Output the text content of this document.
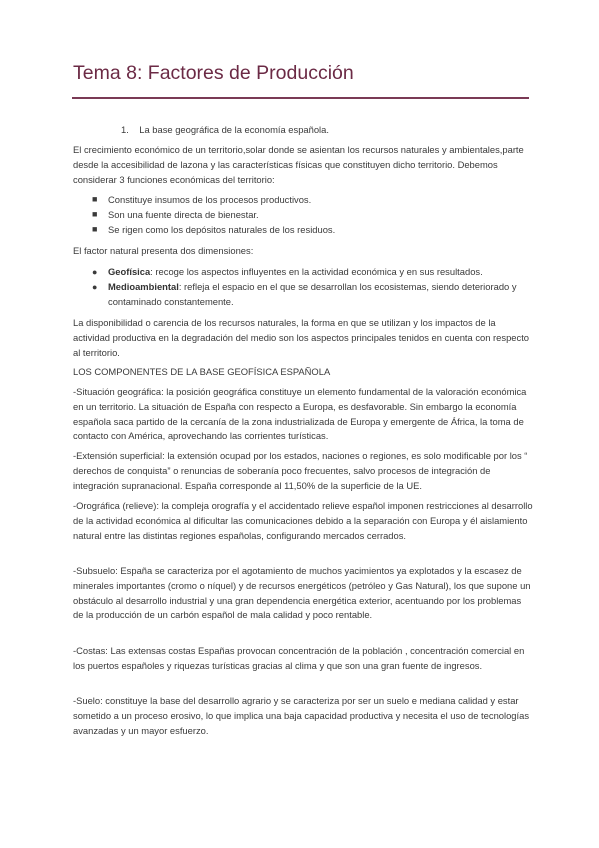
Tema 8: Factores de Producción
1.    La base geográfica de la economía española.
El crecimiento económico de un territorio,solar donde se asientan los recursos naturales y ambientales,parte desde la accesibilidad de lazona y las características físicas que constituyen dicho territorio. Debemos considerar 3 funciones económicas del territorio:
■ Constituye insumos de los procesos productivos.
■ Son una fuente directa de bienestar.
■ Se rigen como los depósitos naturales de los residuos.
El factor natural presenta dos dimensiones:
● Geofísica: recoge los aspectos influyentes en la actividad económica y en sus resultados.
● Medioambiental: refleja el espacio en el que se desarrollan los ecosistemas, siendo deteriorado y contaminado constantemente.
La disponibilidad o carencia de los recursos naturales, la forma en que se utilizan y los impactos de la actividad productiva en la degradación del medio son los aspectos principales tenidos en cuenta con respecto al territorio.
LOS COMPONENTES DE LA BASE GEOFÍSICA ESPAÑOLA
-Situación geográfica: la posición geográfica constituye un elemento fundamental de la valoración económica en un territorio. La situación de España con respecto a Europa, es desfavorable. Sin embargo la economía española saca partido de la cercanía de la zona industrializada de Europa y emergente de África, la toma de contacto con América, aprovechando las corrientes turísticas.
-Extensión superficial: la extensión ocupad por los estados, naciones o regiones, es solo modificable por los “ derechos de conquista” o renuncias de soberanía poco frecuentes, salvo procesos de integración de integración supranacional. España corresponde al 11,50% de la superficie de la UE.
-Orográfica (relieve): la compleja orografía y el accidentado relieve español imponen restricciones al desarrollo de la actividad económica al dificultar las comunicaciones debido a la separación con Europa y él aislamiento natural entre las distintas regiones españolas, configurando mercados cerrados.
-Subsuelo: España se caracteriza por el agotamiento de muchos yacimientos ya explotados y la escasez de minerales importantes (cromo o níquel) y de recursos energéticos (petróleo y Gas Natural), los que supone un obstáculo al desarrollo industrial y una gran dependencia energética exterior, acentuando por los problemas de la producción de un carbón español de mala calidad y poco rentable.
-Costas: Las extensas costas Españas provocan concentración de la población , concentración comercial en los puertos españoles y riquezas turísticas gracias al clima y que son una gran fuente de ingresos.
-Suelo: constituye la base del desarrollo agrario y se caracteriza por ser un suelo e mediana calidad y estar sometido a un proceso erosivo, lo que implica una baja capacidad productiva y necesita el uso de tecnologías avanzadas y un mayor esfuerzo.
